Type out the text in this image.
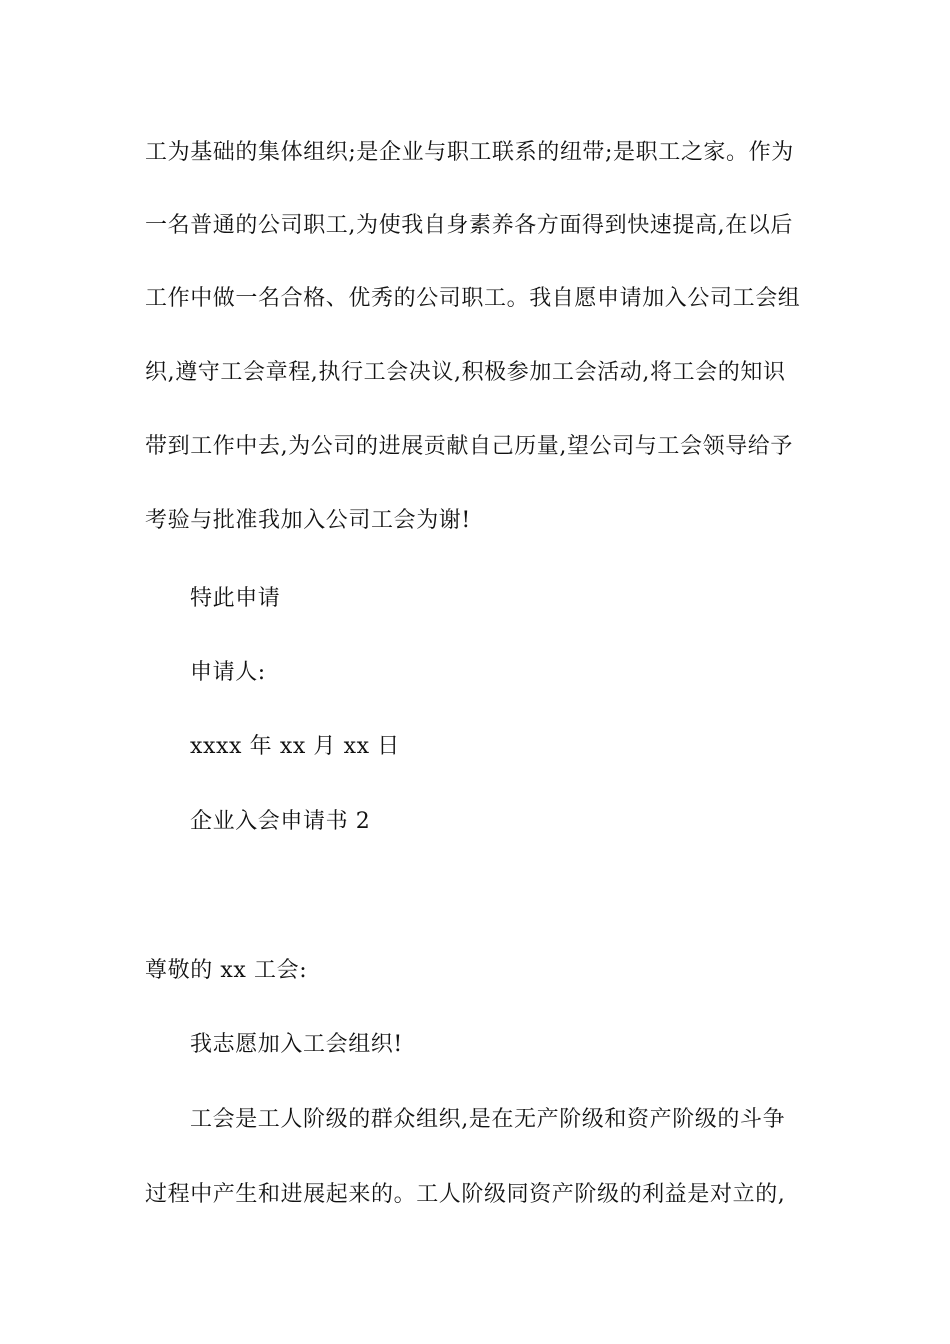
工为基础的集体组织;是企业与职工联系的纽带;是职工之家。作为
一名普通的公司职工,为使我自身素养各方面得到快速提高,在以后
工作中做一名合格、优秀的公司职工。我自愿申请加入公司工会组
织,遵守工会章程,执行工会决议,积极参加工会活动,将工会的知识
带到工作中去,为公司的进展贡献自己历量,望公司与工会领导给予
考验与批准我加入公司工会为谢!
特此申请
申请人:
xxxx 年 xx 月 xx 日
企业入会申请书 2
尊敬的 xx 工会:
我志愿加入工会组织!
工会是工人阶级的群众组织,是在无产阶级和资产阶级的斗争
过程中产生和进展起来的。工人阶级同资产阶级的利益是对立的,
